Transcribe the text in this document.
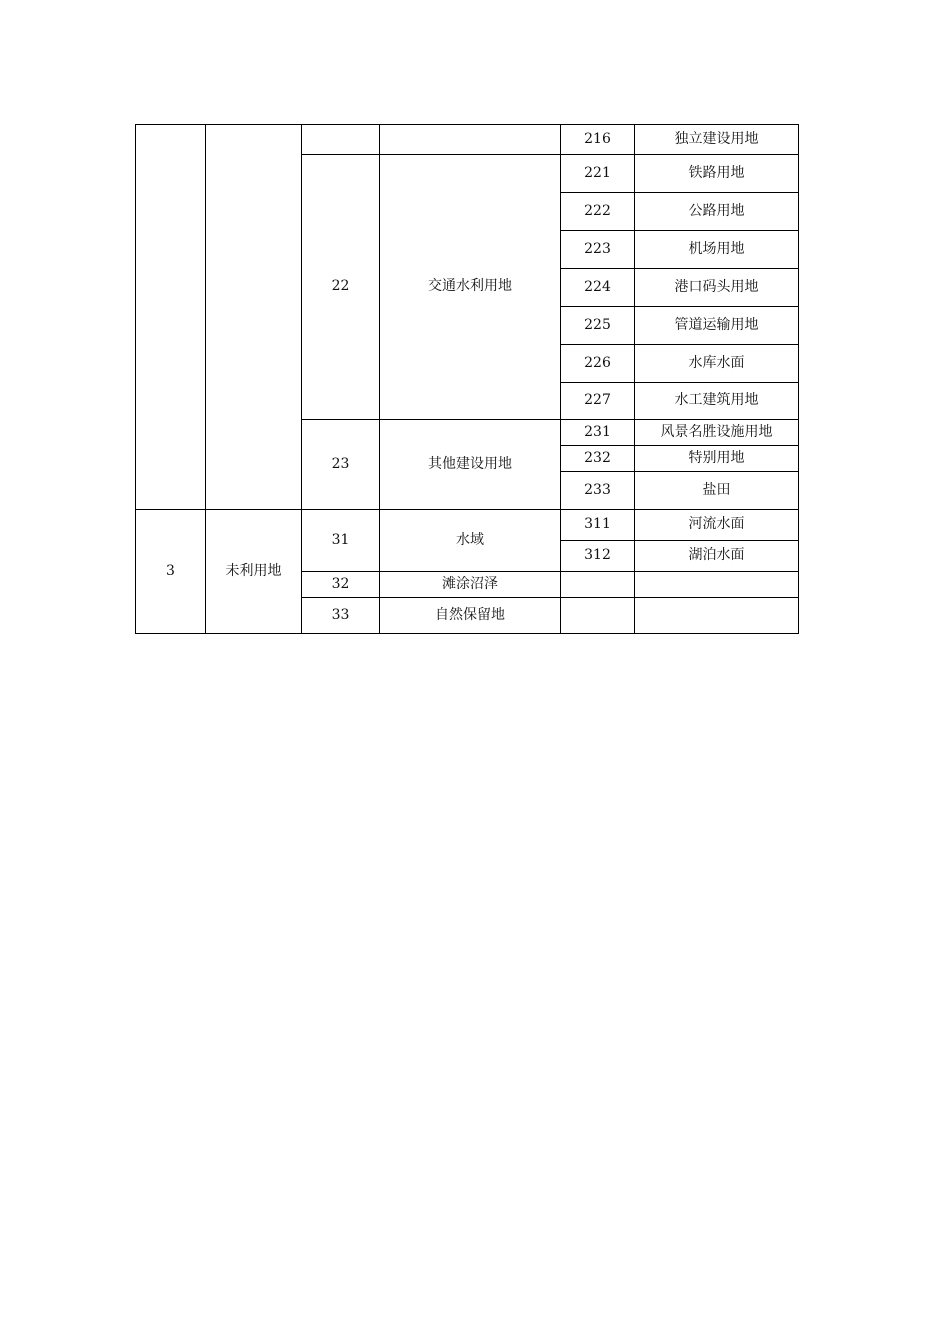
				216	独立建设用地
		22	交通水利用地	221	铁路用地
				222	公路用地
				223	机场用地
				224	港口码头用地
				225	管道运输用地
				226	水库水面
				227	水工建筑用地
		23	其他建设用地	231	风景名胜设施用地
				232	特别用地
				233	盐田
3	未利用地	31	水域	311	河流水面
				312	湖泊水面
		32	滩涂沼泽		
		33	自然保留地		
